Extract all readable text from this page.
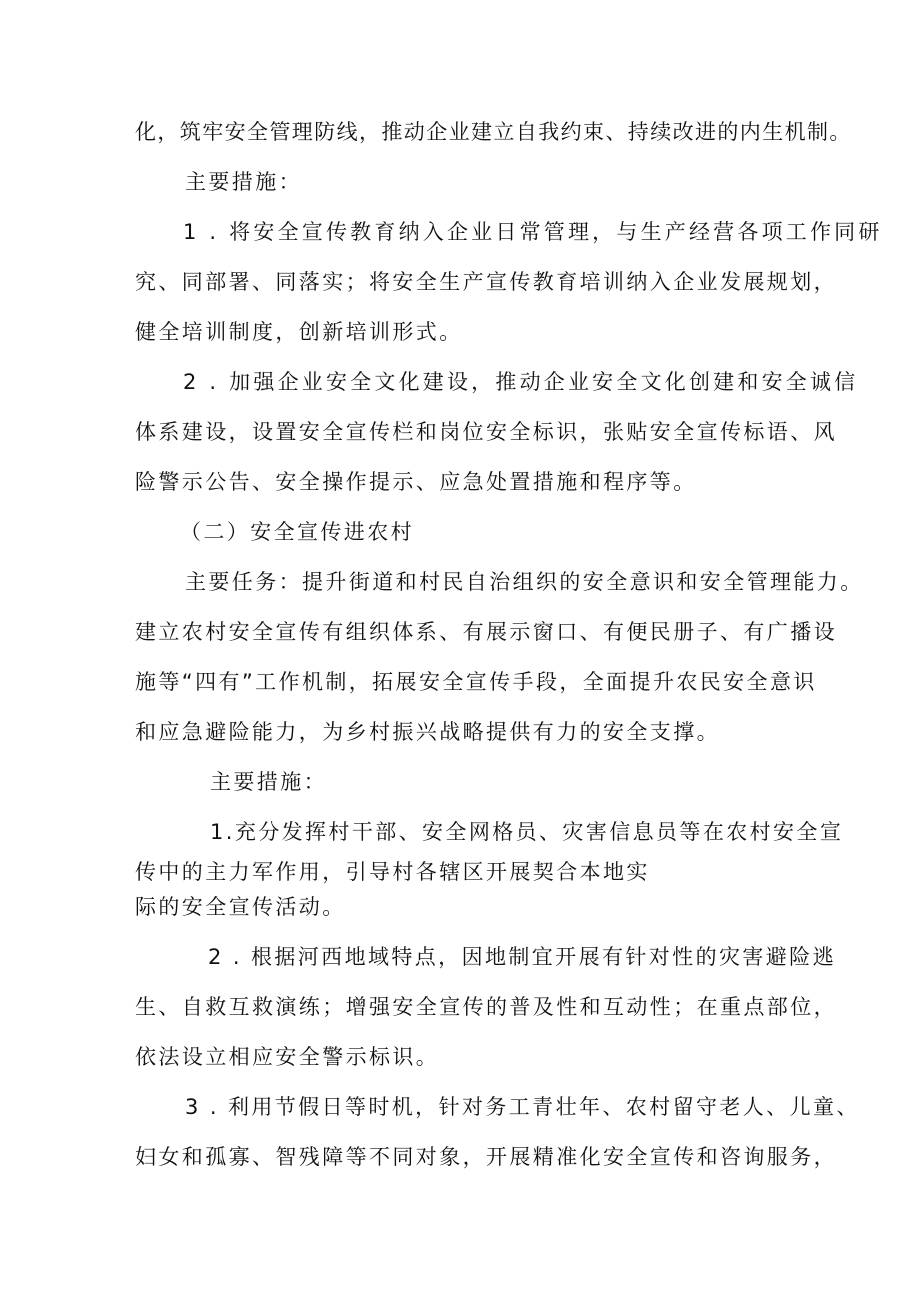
化，筑牢安全管理防线，推动企业建立自我约束、持续改进的内生机制。

主要措施：

1 . 将安全宣传教育纳入企业日常管理，与生产经营各项工作同研

究、同部署、同落实；将安全生产宣传教育培训纳入企业发展规划，

健全培训制度，创新培训形式。

2 . 加强企业安全文化建设，推动企业安全文化创建和安全诚信

体系建设，设置安全宣传栏和岗位安全标识，张贴安全宣传标语、风

险警示公告、安全操作提示、应急处置措施和程序等。

（二）安全宣传进农村

主要任务：提升街道和村民自治组织的安全意识和安全管理能力。

建立农村安全宣传有组织体系、有展示窗口、有便民册子、有广播设

施等“四有”工作机制，拓展安全宣传手段，全面提升农民安全意识

和应急避险能力，为乡村振兴战略提供有力的安全支撑。

主要措施：

1.充分发挥村干部、安全网格员、灾害信息员等在农村安全宣

传中的主力军作用，引导村各辖区开展契合本地实

际的安全宣传活动。

2 . 根据河西地域特点，因地制宜开展有针对性的灾害避险逃

生、自救互救演练；增强安全宣传的普及性和互动性；在重点部位，

依法设立相应安全警示标识。

3 . 利用节假日等时机，针对务工青壮年、农村留守老人、儿童、

妇女和孤寡、智残障等不同对象，开展精准化安全宣传和咨询服务，
